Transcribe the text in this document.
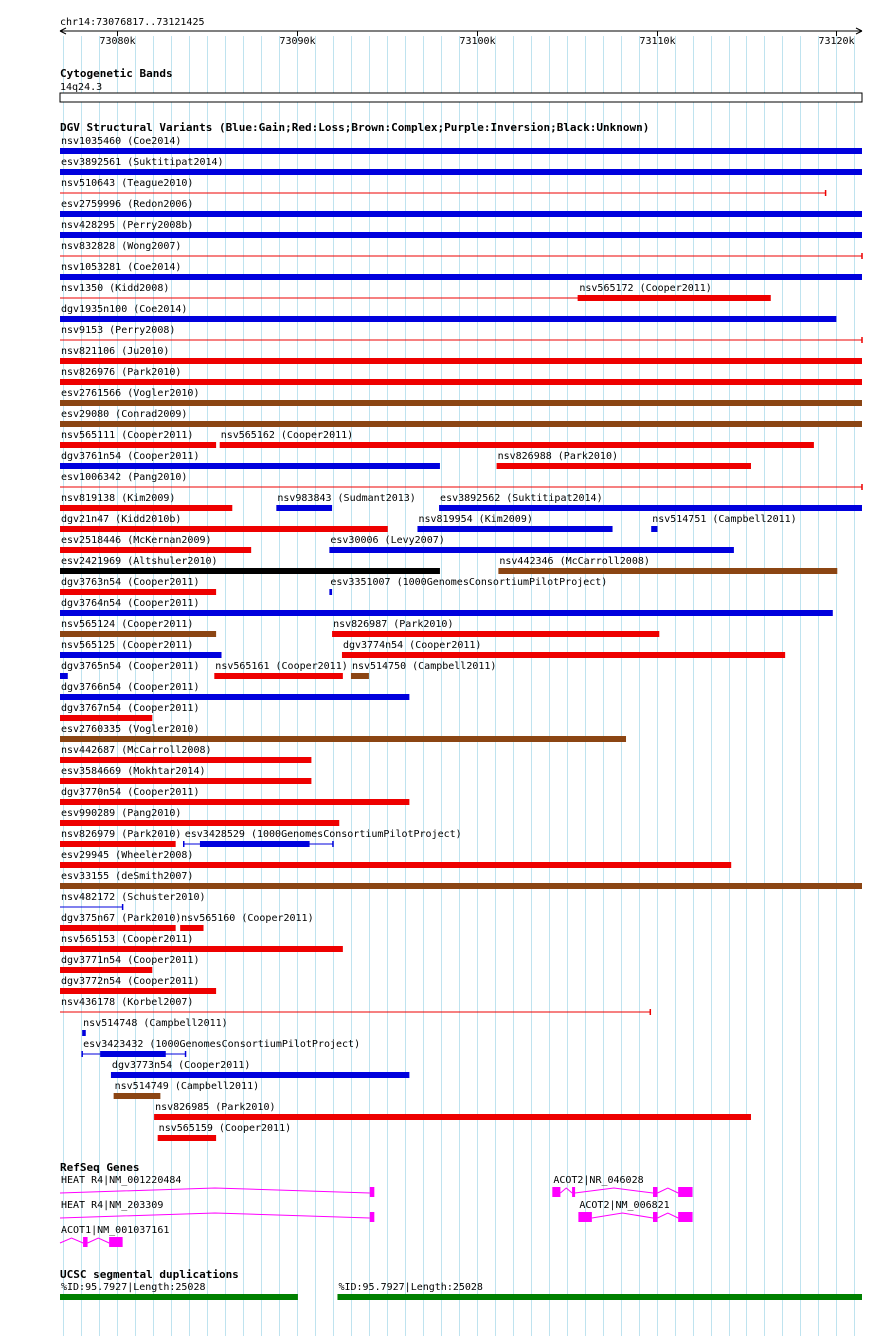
chr14:73076817..73121425
73080k	73090k	73100k	73110k	73120k
Cytogenetic Bands
14q24.3
DGV Structural Variants (Blue:Gain;Red:Loss;Brown:Complex;Purple:Inversion;Black:Unknown)
nsv1035460 (Coe2014)
esv3892561 (Suktitipat2014)
nsv510643 (Teague2010)
esv2759996 (Redon2006)
nsv428295 (Perry2008b)
nsv832828 (Wong2007)
nsv1053281 (Coe2014)
nsv1350 (Kidd2008)	nsv565172 (Cooper2011)
dgv1935n100 (Coe2014)
nsv9153 (Perry2008)
nsv821106 (Ju2010)
nsv826976 (Park2010)
esv2761566 (Vogler2010)
esv29080 (Conrad2009)
nsv565111 (Cooper2011)	nsv565162 (Cooper2011)
dgv3761n54 (Cooper2011)	nsv826988 (Park2010)
esv1006342 (Pang2010)
nsv819138 (Kim2009)	nsv983843 (Sudmant2013) esv3892562 (Suktitipat2014)
dgv21n47 (Kidd2010b)	nsv819954 (Kim2009)	nsv514751 (Campbell2011)
esv2518446 (McKernan2009)	esv30006 (Levy2007)
esv2421969 (Altshuler2010)	nsv442346 (McCarroll2008)
dgv3763n54 (Cooper2011)	esv3351007 (1000GenomesConsortiumPilotProject)
dgv3764n54 (Cooper2011)
nsv565124 (Cooper2011)	nsv826987 (Park2010)
nsv565125 (Cooper2011)	dgv3774n54 (Cooper2011)
dgv3765n54 (Cooper2011) nsv565161 (Cooper2011) nsv514750 (Campbell2011)
dgv3766n54 (Cooper2011)
dgv3767n54 (Cooper2011)
esv2760335 (Vogler2010)
nsv442687 (McCarroll2008)
esv3584669 (Mokhtar2014)
dgv3770n54 (Cooper2011)
esv990289 (Pang2010)
nsv826979 (Park2010) esv3428529 (1000GenomesConsortiumPilotProject)
esv29945 (Wheeler2008)
esv33155 (deSmith2007)
nsv482172 (Schuster2010)
dgv375n67 (Park2010) nsv565160 (Cooper2011)
nsv565153 (Cooper2011)
dgv3771n54 (Cooper2011)
dgv3772n54 (Cooper2011)
nsv436178 (Korbel2007)
nsv514748 (Campbell2011)
esv3423432 (1000GenomesConsortiumPilotProject)
dgv3773n54 (Cooper2011)
nsv514749 (Campbell2011)
nsv826985 (Park2010)
nsv565159 (Cooper2011)
RefSeq Genes
HEAT R4|NM_001220484	ACOT2|NR_046028
HEAT R4|NM_203309	ACOT2|NM_006821
ACOT1|NM_001037161
UCSC segmental duplications
%ID:95.7927|Length:25028	%ID:95.7927|Length:25028
